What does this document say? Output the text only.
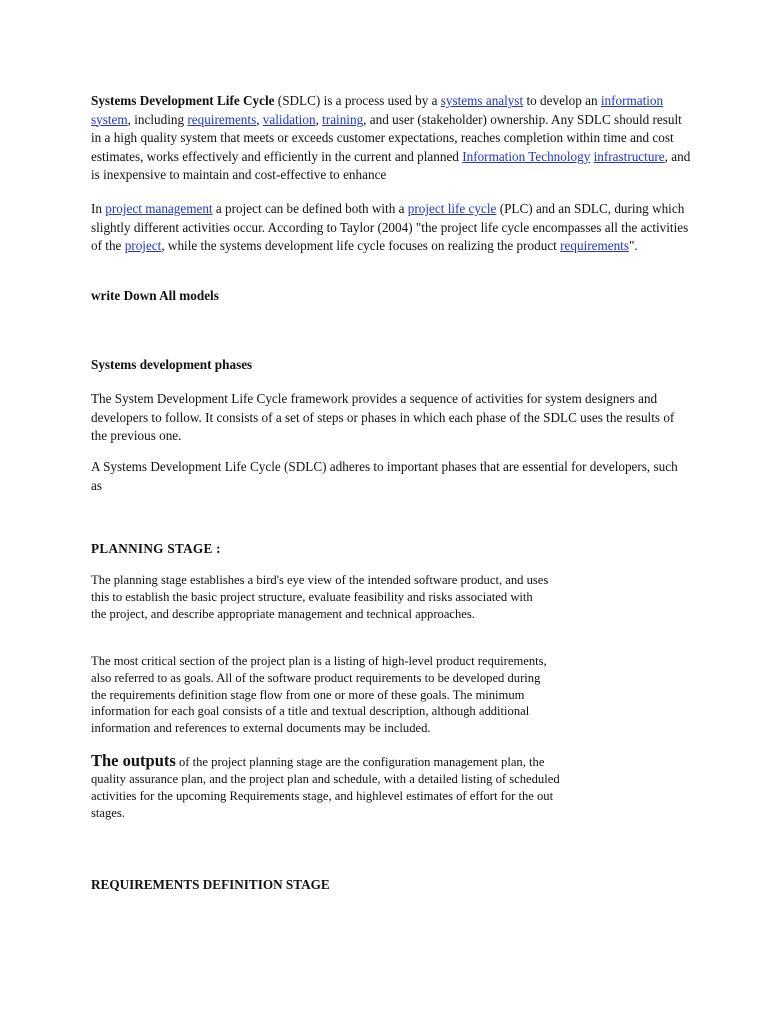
Systems Development Life Cycle (SDLC) is a process used by a systems analyst to develop an information system, including requirements, validation, training, and user (stakeholder) ownership. Any SDLC should result in a high quality system that meets or exceeds customer expectations, reaches completion within time and cost estimates, works effectively and efficiently in the current and planned Information Technology infrastructure, and is inexpensive to maintain and cost-effective to enhance

In project management a project can be defined both with a project life cycle (PLC) and an SDLC, during which slightly different activities occur. According to Taylor (2004) "the project life cycle encompasses all the activities of the project, while the systems development life cycle focuses on realizing the product requirements".

write Down All models

Systems development phases

The System Development Life Cycle framework provides a sequence of activities for system designers and developers to follow. It consists of a set of steps or phases in which each phase of the SDLC uses the results of the previous one.

A Systems Development Life Cycle (SDLC) adheres to important phases that are essential for developers, such as

PLANNING STAGE :

The planning stage establishes a bird's eye view of the intended software product, and uses this to establish the basic project structure, evaluate feasibility and risks associated with the project, and describe appropriate management and technical approaches.

The most critical section of the project plan is a listing of high-level product requirements, also referred to as goals. All of the software product requirements to be developed during the requirements definition stage flow from one or more of these goals. The minimum information for each goal consists of a title and textual description, although additional information and references to external documents may be included.

The outputs of the project planning stage are the configuration management plan, the quality assurance plan, and the project plan and schedule, with a detailed listing of scheduled activities for the upcoming Requirements stage, and highlevel estimates of effort for the out stages.

REQUIREMENTS DEFINITION STAGE
